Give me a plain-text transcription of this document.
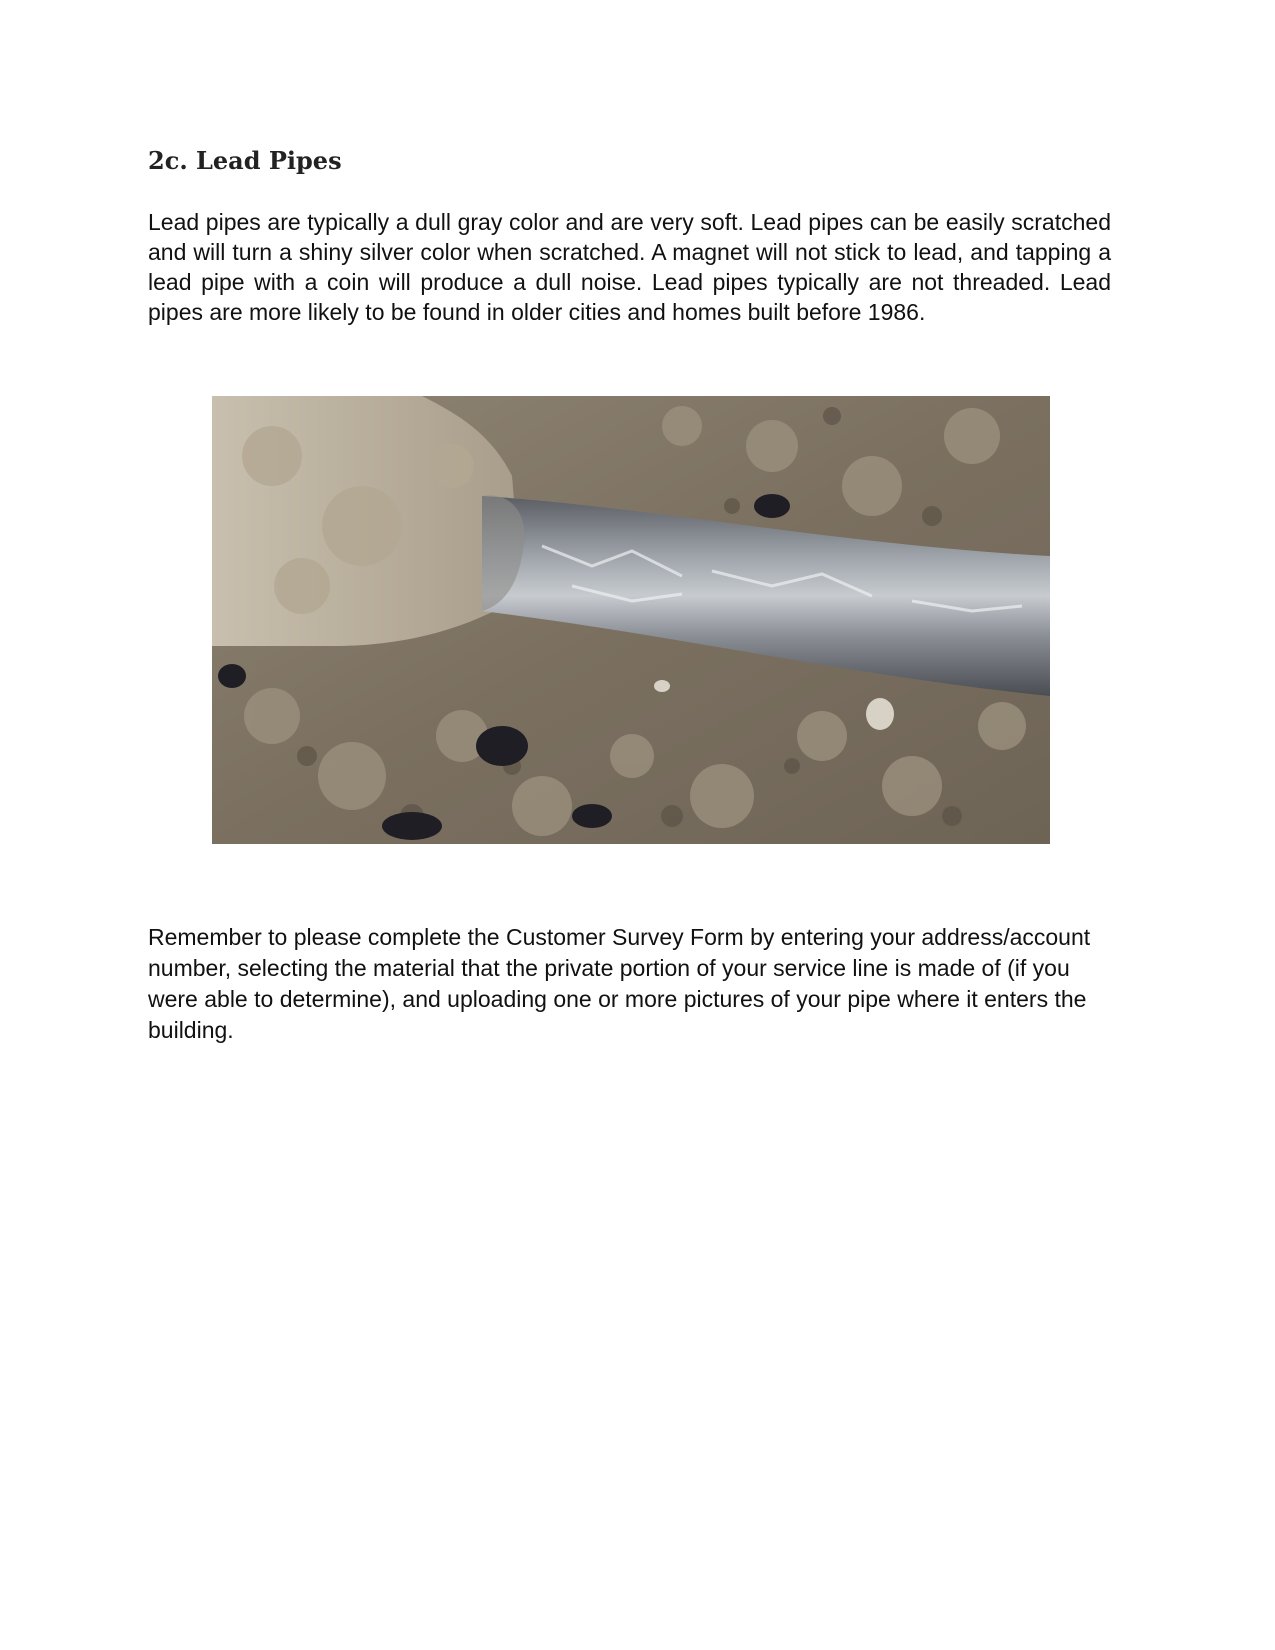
2c. Lead Pipes

Lead pipes are typically a dull gray color and are very soft. Lead pipes can be easily scratched and will turn a shiny silver color when scratched. A magnet will not stick to lead, and tapping a lead pipe with a coin will produce a dull noise. Lead pipes typically are not threaded. Lead pipes are more likely to be found in older cities and homes built before 1986.

Remember to please complete the Customer Survey Form by entering your address/account number, selecting the material that the private portion of your service line is made of (if you were able to determine), and uploading one or more pictures of your pipe where it enters the building.
